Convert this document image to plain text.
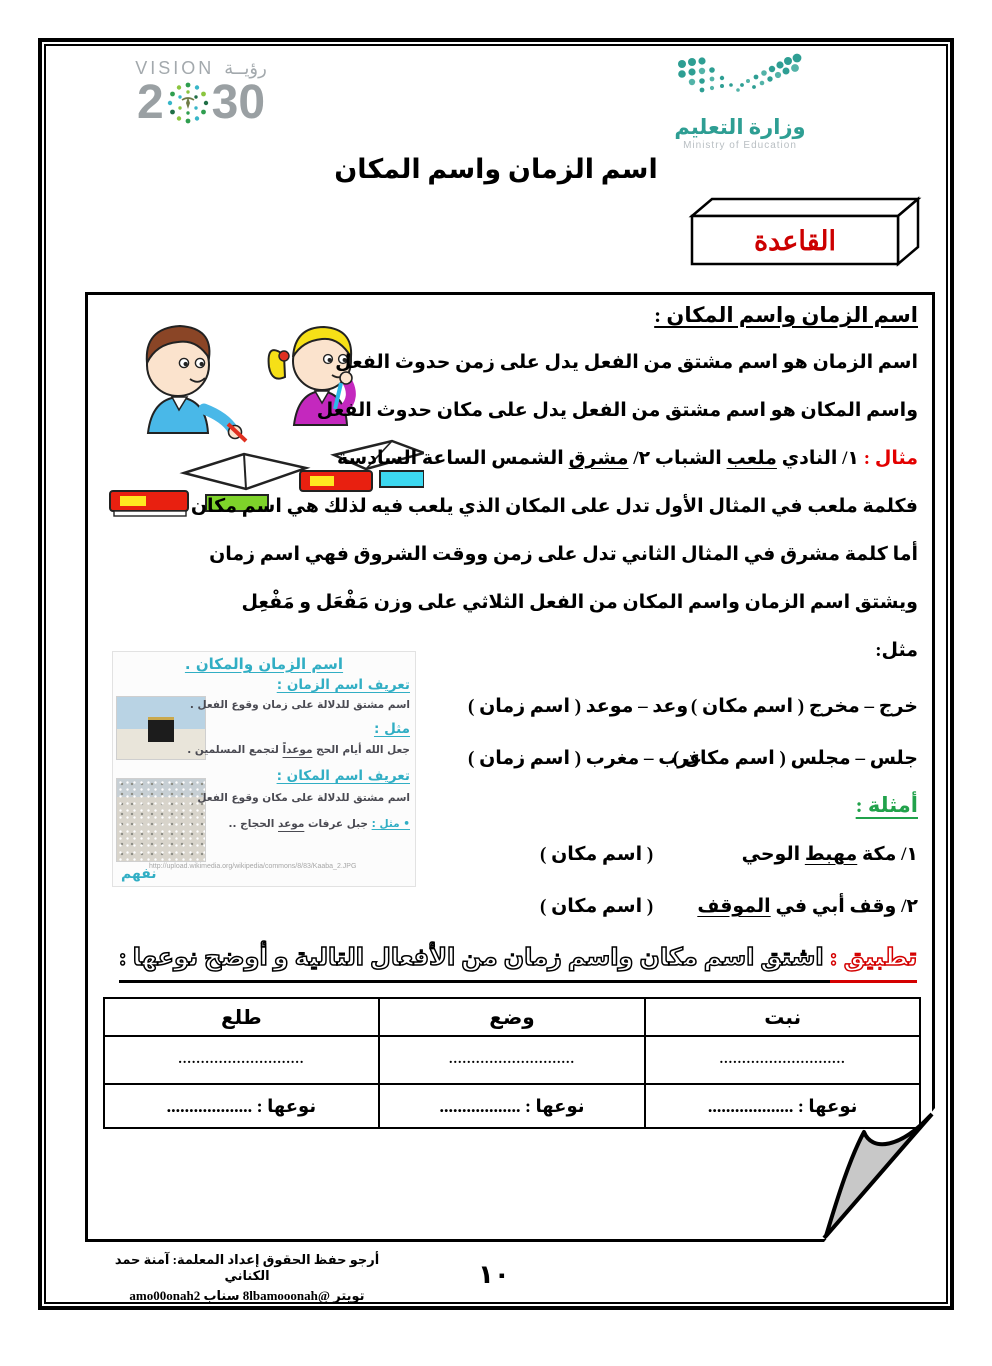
VISION رؤيــة
2 30	وزارة التعليم
Ministry of Education
اسم الزمان واسم المكان
القاعدة
اسم الزمان واسم المكان :
اسم الزمان هو اسم مشتق من الفعل يدل على زمن حدوث الفعل
واسم المكان هو اسم مشتق من الفعل يدل على مكان حدوث الفعل
مثال : ١/ النادي ملعب الشباب ٢/ مشرق الشمس الساعة السادسة
فكلمة ملعب في المثال الأول تدل على المكان الذي يلعب فيه لذلك هي اسم مكان
أما كلمة مشرق في المثال الثاني تدل على زمن ووقت الشروق فهي اسم زمان
ويشتق اسم الزمان واسم المكان من الفعل الثلاثي على وزن مَفْعَل و مَفْعِل
مثل:
اسم الزمان والمكان .
تعريف اسم الزمان :
اسم مشتق للدلالة على زمان وقوع الفعل .
مثل :
جعل الله أيام الحج موعداً لتجمع المسلمين .
تعريف اسم المكان :
اسم مشتق للدلالة على مكان وقوع الفعل
• مثل : جبل عرفات موعد الحجاج ..
نفهم
http://upload.wikimedia.org/wikipedia/commons/8/83/Kaaba_2.JPG
خرج – مخرج ( اسم مكان )
وعد – موعد ( اسم زمان )
جلس – مجلس ( اسم مكان )
غرب – مغرب ( اسم زمان )
أمثلة :
١/ مكة مهبط الوحي
( اسم مكان )
٢/ وقف أبي في الموقف
( اسم مكان )
تطبيق : اشتق اسم مكان واسم زمان من الأفعال التالية و أوضح نوعها :
نبت	وضع	طلع
............................	............................	............................
نوعها : ...................	نوعها : ..................	نوعها : ...................
أرجو حفظ الحقوق إعداد المعلمة: آمنة حمد الكناني
تويتر @8lbamooonah سناب amo00onah2
١٠
